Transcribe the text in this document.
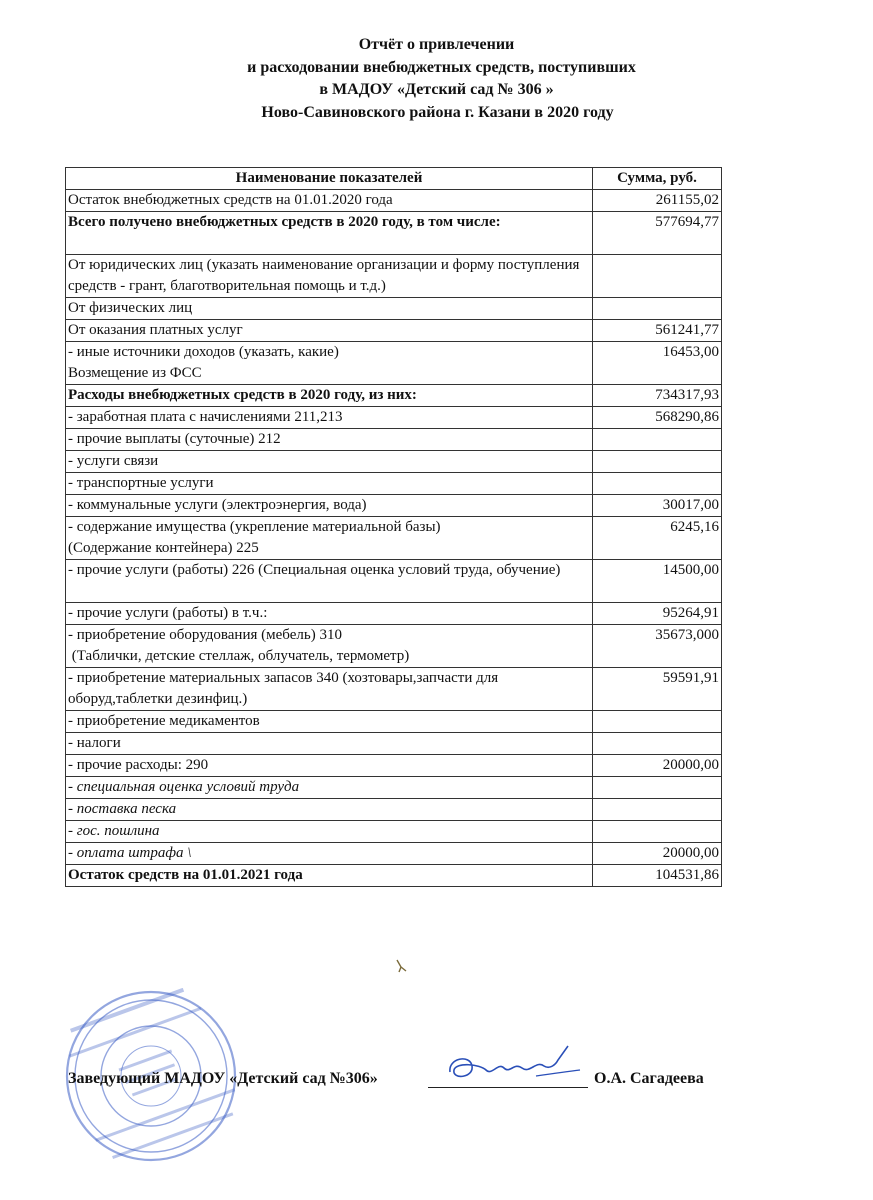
Отчёт о привлечении
и расходовании внебюджетных средств, поступивших
в МАДОУ «Детский сад № 306 »
Ново-Савиновского района г. Казани в 2020 году
Наименование показателей	Сумма, руб.
Остаток внебюджетных средств на 01.01.2020 года	261155,02
Всего получено внебюджетных средств в 2020 году, в том числе:	577694,77
От юридических лиц (указать наименование организации и форму поступления средств - грант, благотворительная помощь и т.д.)	
От физических лиц	
От оказания платных услуг	561241,77

- иные источники доходов (указать, какие)
Возмещение из ФСС	16453,00
Расходы внебюджетных средств в 2020 году, из них:	734317,93
- заработная плата с начислениями 211,213	568290,86
- прочие выплаты (суточные) 212	
- услуги связи	
- транспортные услуги	
- коммунальные услуги (электроэнергия, вода)	30017,00

- содержание имущества (укрепление материальной базы)
(Содержание контейнера) 225	6245,16
- прочие услуги (работы) 226 (Специальная оценка условий труда, обучение)	14500,00
- прочие услуги (работы) в т.ч.:	95264,91

- приобретение оборудования (мебель) 310
(Таблички, детские стеллаж, облучатель, термометр)	35673,000
- приобретение материальных запасов 340 (хозтовары,запчасти для оборуд,таблетки дезинфиц.)	59591,91
- приобретение медикаментов	
- налоги	
- прочие расходы: 290	20000,00
- специальная оценка условий труда	
- поставка песка	
- гос. пошлина	
- оплата штрафа \	20000,00
Остаток средств на 01.01.2021 года	104531,86
Заведующий МАДОУ «Детский сад №306»	О.А. Сагадеева
